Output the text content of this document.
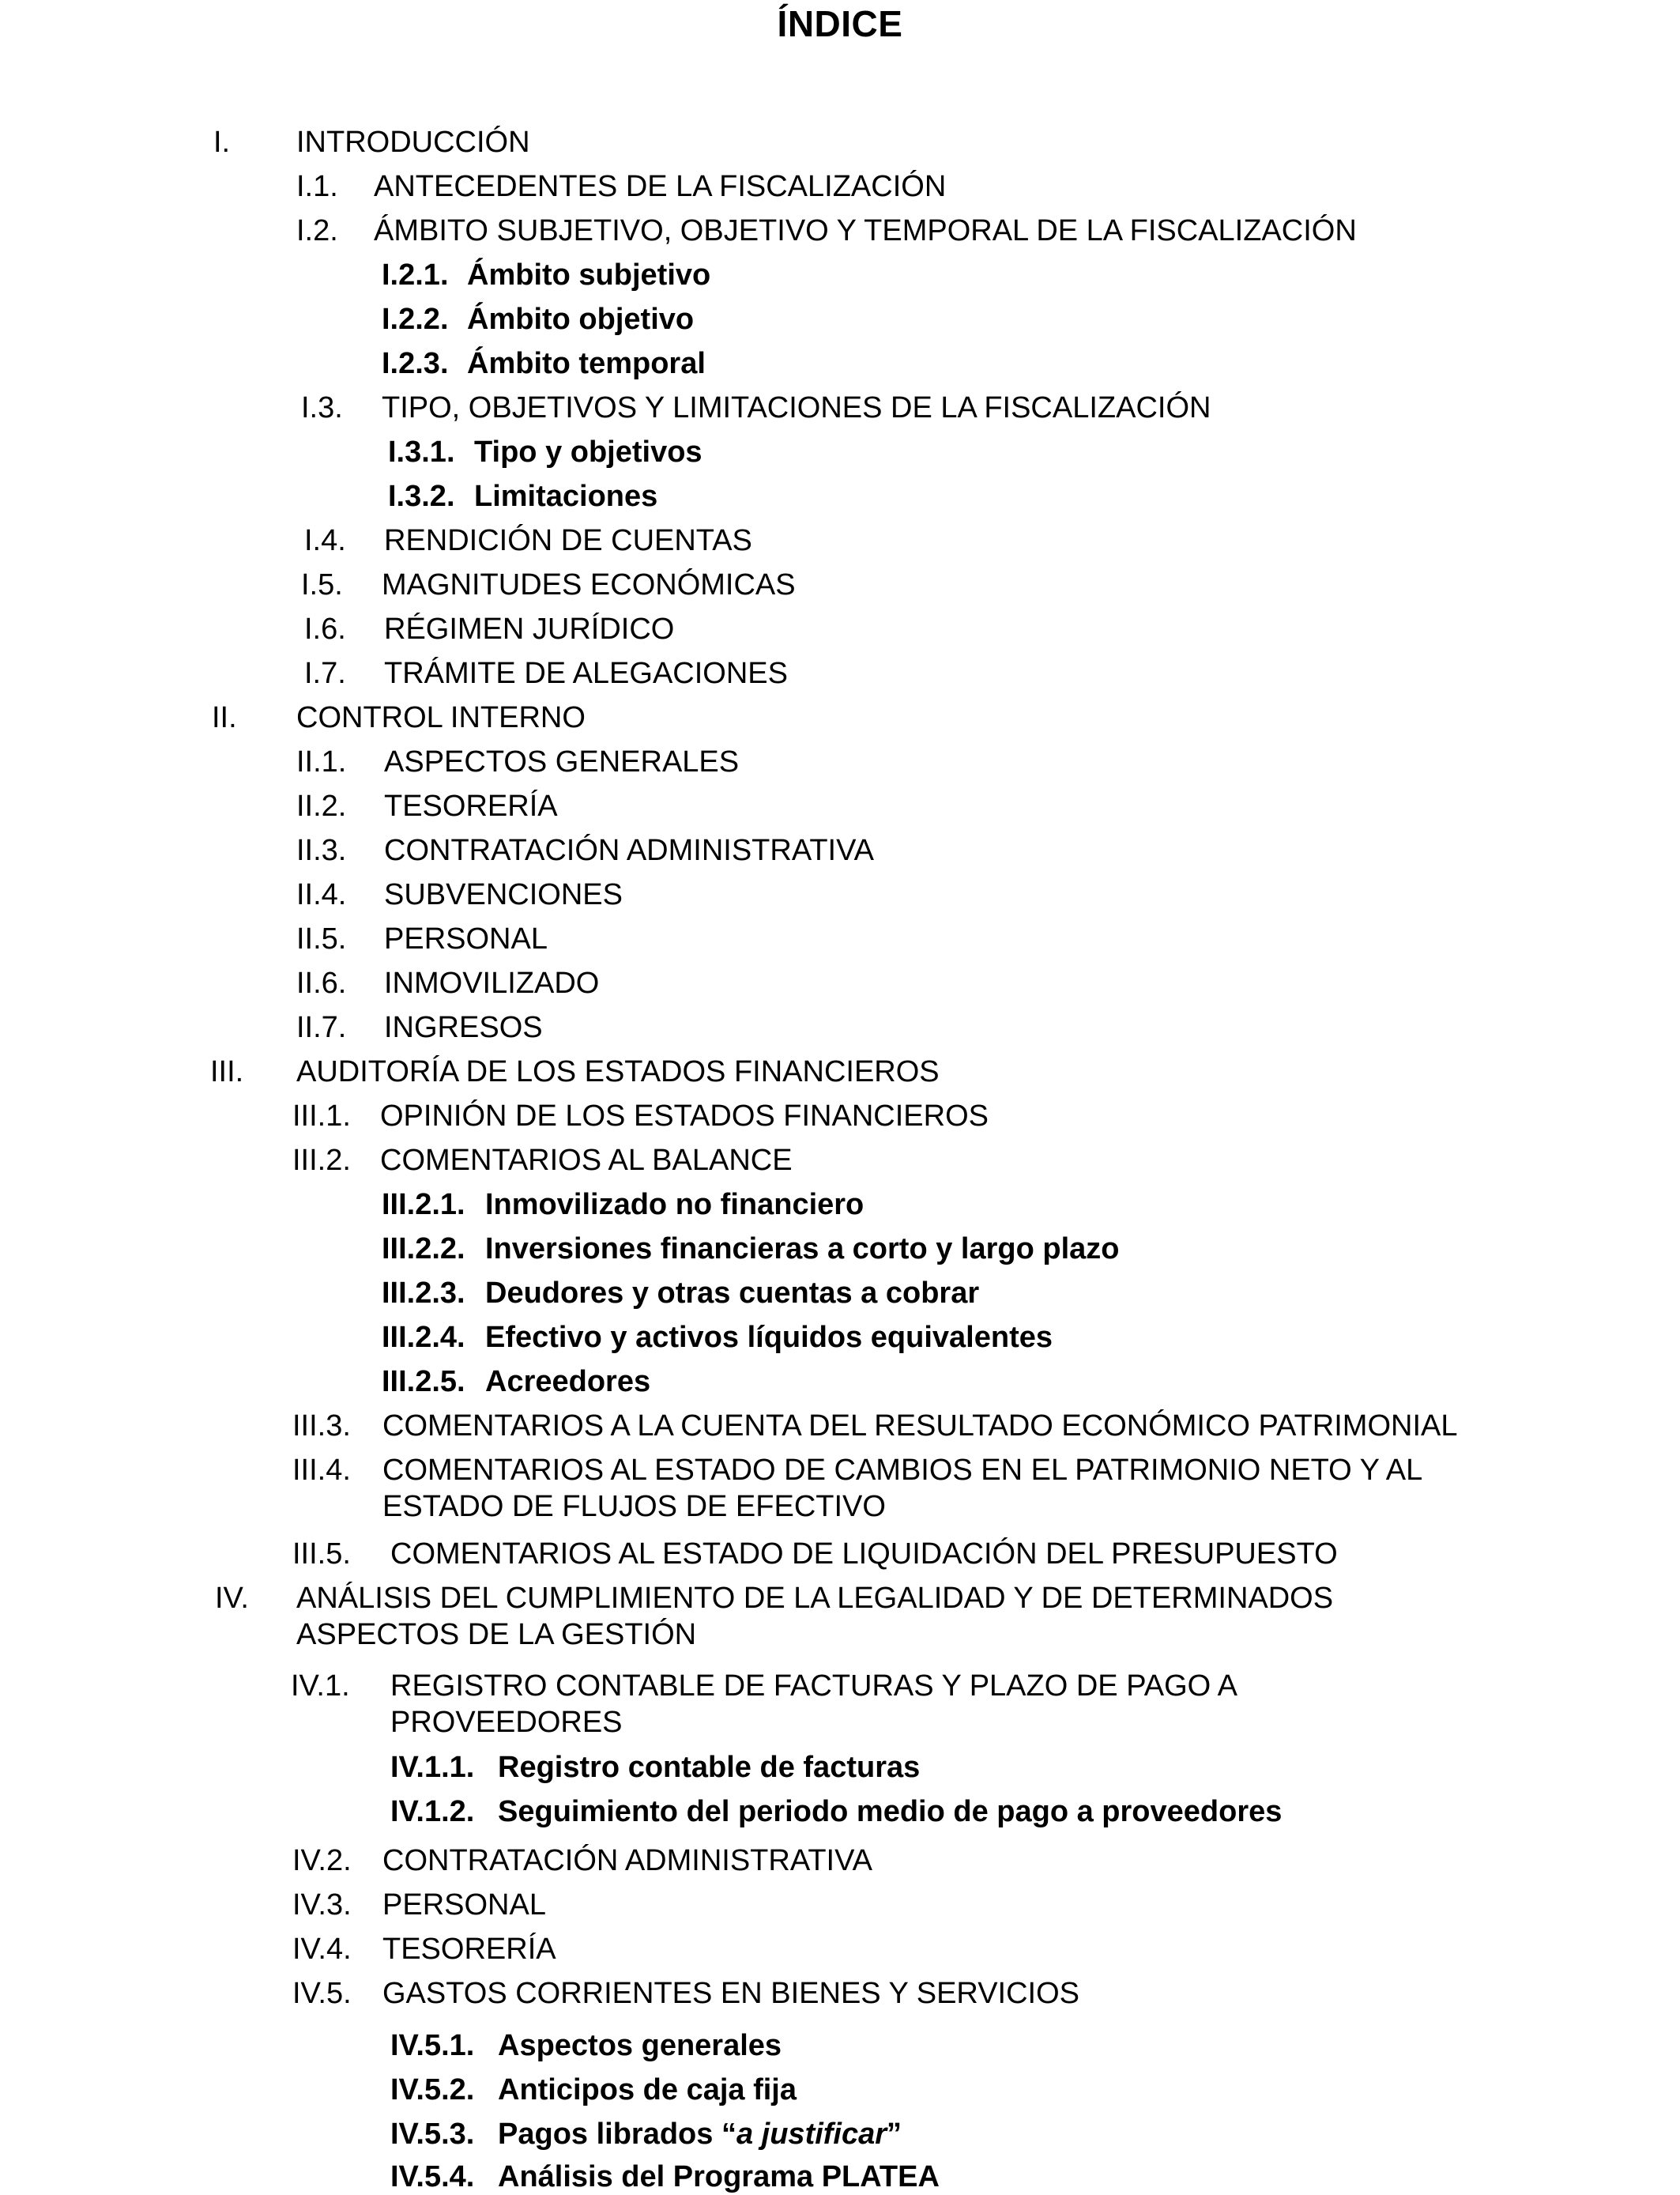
ÍNDICE
I. INTRODUCCIÓN
I.1. ANTECEDENTES DE LA FISCALIZACIÓN
I.2. ÁMBITO SUBJETIVO, OBJETIVO Y TEMPORAL DE LA FISCALIZACIÓN
I.2.1. Ámbito subjetivo
I.2.2. Ámbito objetivo
I.2.3. Ámbito temporal
I.3. TIPO, OBJETIVOS Y LIMITACIONES DE LA FISCALIZACIÓN
I.3.1. Tipo y objetivos
I.3.2. Limitaciones
I.4. RENDICIÓN DE CUENTAS
I.5. MAGNITUDES ECONÓMICAS
I.6. RÉGIMEN JURÍDICO
I.7. TRÁMITE DE ALEGACIONES
II. CONTROL INTERNO
II.1. ASPECTOS GENERALES
II.2. TESORERÍA
II.3. CONTRATACIÓN ADMINISTRATIVA
II.4. SUBVENCIONES
II.5. PERSONAL
II.6. INMOVILIZADO
II.7. INGRESOS
III. AUDITORÍA DE LOS ESTADOS FINANCIEROS
III.1. OPINIÓN DE LOS ESTADOS FINANCIEROS
III.2. COMENTARIOS AL BALANCE
III.2.1. Inmovilizado no financiero
III.2.2. Inversiones financieras a corto y largo plazo
III.2.3. Deudores y otras cuentas a cobrar
III.2.4. Efectivo y activos líquidos equivalentes
III.2.5. Acreedores
III.3. COMENTARIOS A LA CUENTA DEL RESULTADO ECONÓMICO PATRIMONIAL
III.4. COMENTARIOS AL ESTADO DE CAMBIOS EN EL PATRIMONIO NETO Y AL
ESTADO DE FLUJOS DE EFECTIVO
III.5. COMENTARIOS AL ESTADO DE LIQUIDACIÓN DEL PRESUPUESTO
IV. ANÁLISIS DEL CUMPLIMIENTO DE LA LEGALIDAD Y DE DETERMINADOS
ASPECTOS DE LA GESTIÓN
IV.1. REGISTRO CONTABLE DE FACTURAS Y PLAZO DE PAGO A
PROVEEDORES
IV.1.1. Registro contable de facturas
IV.1.2. Seguimiento del periodo medio de pago a proveedores
IV.2. CONTRATACIÓN ADMINISTRATIVA
IV.3. PERSONAL
IV.4. TESORERÍA
IV.5. GASTOS CORRIENTES EN BIENES Y SERVICIOS
IV.5.1. Aspectos generales
IV.5.2. Anticipos de caja fija
IV.5.3. Pagos librados “a justificar”
IV.5.4. Análisis del Programa PLATEA
